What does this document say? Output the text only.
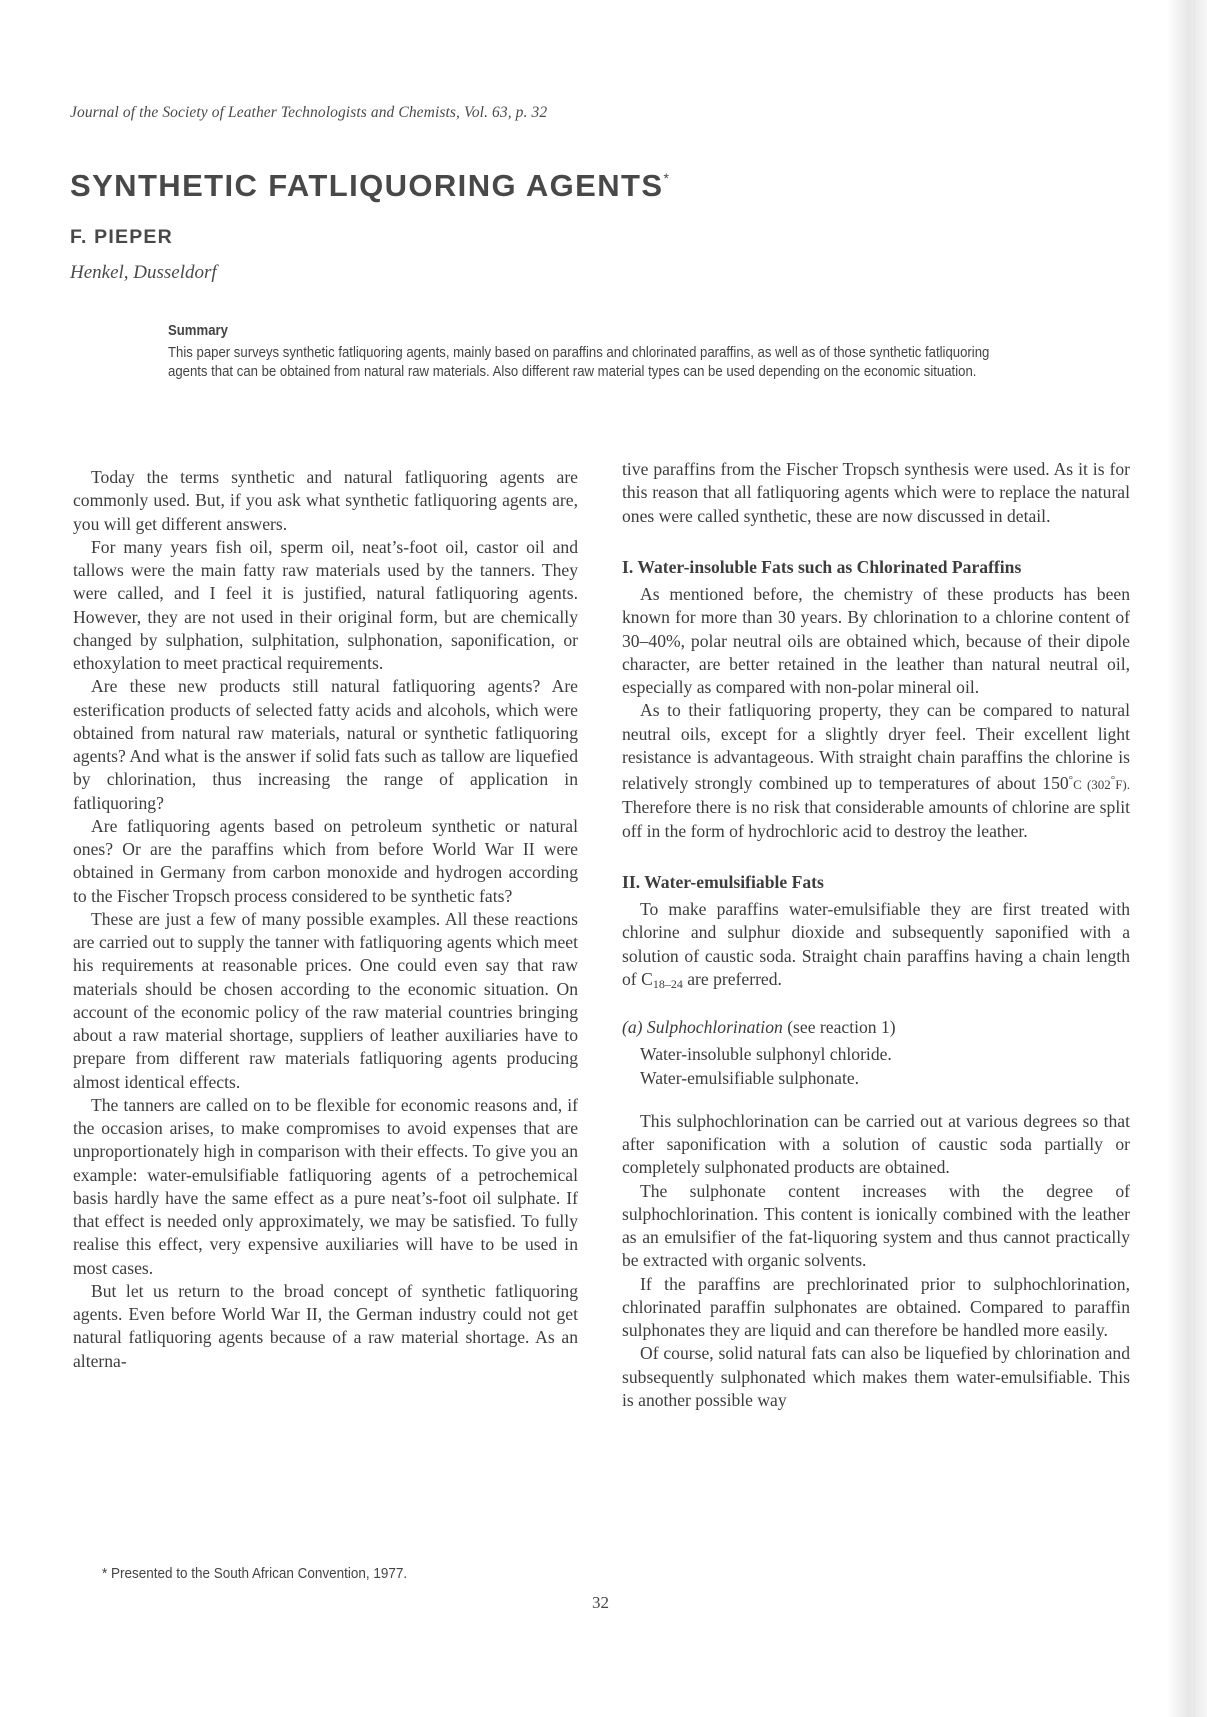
Journal of the Society of Leather Technologists and Chemists, Vol. 63, p. 32
SYNTHETIC FATLIQUORING AGENTS*
F. PIEPER
Henkel, Dusseldorf
Summary
This paper surveys synthetic fatliquoring agents, mainly based on paraffins and chlorinated paraffins, as well as of those synthetic fatliquoring agents that can be obtained from natural raw materials. Also different raw material types can be used depending on the economic situation.

Today the terms synthetic and natural fatliquoring agents are commonly used. But, if you ask what synthetic fatliquoring agents are, you will get different answers.

For many years fish oil, sperm oil, neat’s-foot oil, castor oil and tallows were the main fatty raw materials used by the tanners. They were called, and I feel it is justified, natural fatliquoring agents. However, they are not used in their original form, but are chemically changed by sulphation, sulphitation, sulphonation, saponification, or ethoxylation to meet practical requirements.

Are these new products still natural fatliquoring agents? Are esterification products of selected fatty acids and alcohols, which were obtained from natural raw materials, natural or synthetic fatliquoring agents? And what is the answer if solid fats such as tallow are liquefied by chlorination, thus increasing the range of application in fatliquoring?

Are fatliquoring agents based on petroleum synthetic or natural ones? Or are the paraffins which from before World War II were obtained in Germany from carbon monoxide and hydrogen according to the Fischer Tropsch process considered to be synthetic fats?

These are just a few of many possible examples. All these reactions are carried out to supply the tanner with fatliquoring agents which meet his requirements at reasonable prices. One could even say that raw materials should be chosen according to the economic situation. On account of the economic policy of the raw material countries bringing about a raw material shortage, suppliers of leather auxiliaries have to prepare from different raw materials fatliquoring agents producing almost identical effects.

The tanners are called on to be flexible for economic reasons and, if the occasion arises, to make compromises to avoid expenses that are unproportionately high in comparison with their effects. To give you an example: water-emulsifiable fatliquoring agents of a petrochemical basis hardly have the same effect as a pure neat’s-foot oil sulphate. If that effect is needed only approximately, we may be satisfied. To fully realise this effect, very expensive auxiliaries will have to be used in most cases.

But let us return to the broad concept of synthetic fatliquoring agents. Even before World War II, the German industry could not get natural fatliquoring agents because of a raw material shortage. As an alterna-

tive paraffins from the Fischer Tropsch synthesis were used. As it is for this reason that all fatliquoring agents which were to replace the natural ones were called synthetic, these are now discussed in detail.

I. Water-insoluble Fats such as Chlorinated Paraffins

As mentioned before, the chemistry of these products has been known for more than 30 years. By chlorination to a chlorine content of 30–40%, polar neutral oils are obtained which, because of their dipole character, are better retained in the leather than natural neutral oil, especially as compared with non-polar mineral oil.

As to their fatliquoring property, they can be compared to natural neutral oils, except for a slightly dryer feel. Their excellent light resistance is advantageous. With straight chain paraffins the chlorine is relatively strongly combined up to temperatures of about 150°C (302°F). Therefore there is no risk that considerable amounts of chlorine are split off in the form of hydrochloric acid to destroy the leather.

II. Water-emulsifiable Fats

To make paraffins water-emulsifiable they are first treated with chlorine and sulphur dioxide and subsequently saponified with a solution of caustic soda. Straight chain paraffins having a chain length of $C_{18-24}$ are preferred.

(a) Sulphochlorination (see reaction 1)

Water-insoluble sulphonyl chloride.

Water-emulsifiable sulphonate.

This sulphochlorination can be carried out at various degrees so that after saponification with a solution of caustic soda partially or completely sulphonated products are obtained.

The sulphonate content increases with the degree of sulphochlorination. This content is ionically combined with the leather as an emulsifier of the fat-liquoring system and thus cannot practically be extracted with organic solvents.

If the paraffins are prechlorinated prior to sulphochlorination, chlorinated paraffin sulphonates are obtained. Compared to paraffin sulphonates they are liquid and can therefore be handled more easily.

Of course, solid natural fats can also be liquefied by chlorination and subsequently sulphonated which makes them water-emulsifiable. This is another possible way

* Presented to the South African Convention, 1977.
32
